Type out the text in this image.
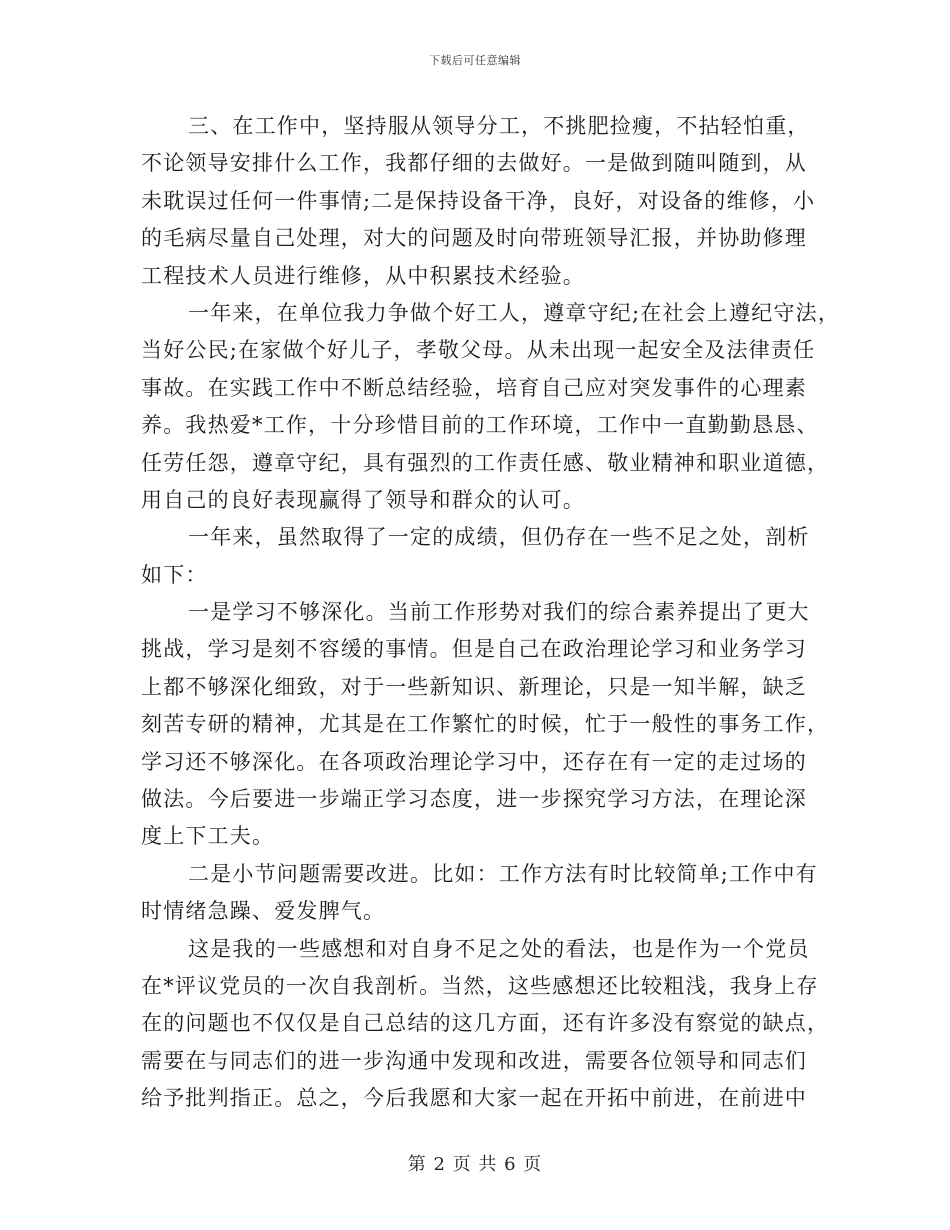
下载后可任意编辑
三、在工作中，坚持服从领导分工，不挑肥捡瘦，不拈轻怕重，
不论领导安排什么工作，我都仔细的去做好。一是做到随叫随到，从
未耽误过任何一件事情;二是保持设备干净，良好，对设备的维修，小
的毛病尽量自己处理，对大的问题及时向带班领导汇报，并协助修理
工程技术人员进行维修，从中积累技术经验。
一年来，在单位我力争做个好工人，遵章守纪;在社会上遵纪守法，
当好公民;在家做个好儿子，孝敬父母。从未出现一起安全及法律责任
事故。在实践工作中不断总结经验，培育自己应对突发事件的心理素
养。我热爱*工作，十分珍惜目前的工作环境，工作中一直勤勤恳恳、
任劳任怨，遵章守纪，具有强烈的工作责任感、敬业精神和职业道德，
用自己的良好表现赢得了领导和群众的认可。
一年来，虽然取得了一定的成绩，但仍存在一些不足之处，剖析
如下：
一是学习不够深化。当前工作形势对我们的综合素养提出了更大
挑战，学习是刻不容缓的事情。但是自己在政治理论学习和业务学习
上都不够深化细致，对于一些新知识、新理论，只是一知半解，缺乏
刻苦专研的精神，尤其是在工作繁忙的时候，忙于一般性的事务工作，
学习还不够深化。在各项政治理论学习中，还存在有一定的走过场的
做法。今后要进一步端正学习态度，进一步探究学习方法，在理论深
度上下工夫。
二是小节问题需要改进。比如：工作方法有时比较简单;工作中有
时情绪急躁、爱发脾气。
这是我的一些感想和对自身不足之处的看法，也是作为一个党员
在*评议党员的一次自我剖析。当然，这些感想还比较粗浅，我身上存
在的问题也不仅仅是自己总结的这几方面，还有许多没有察觉的缺点，
需要在与同志们的进一步沟通中发现和改进，需要各位领导和同志们
给予批判指正。总之，今后我愿和大家一起在开拓中前进，在前进中
第 2 页 共 6 页
